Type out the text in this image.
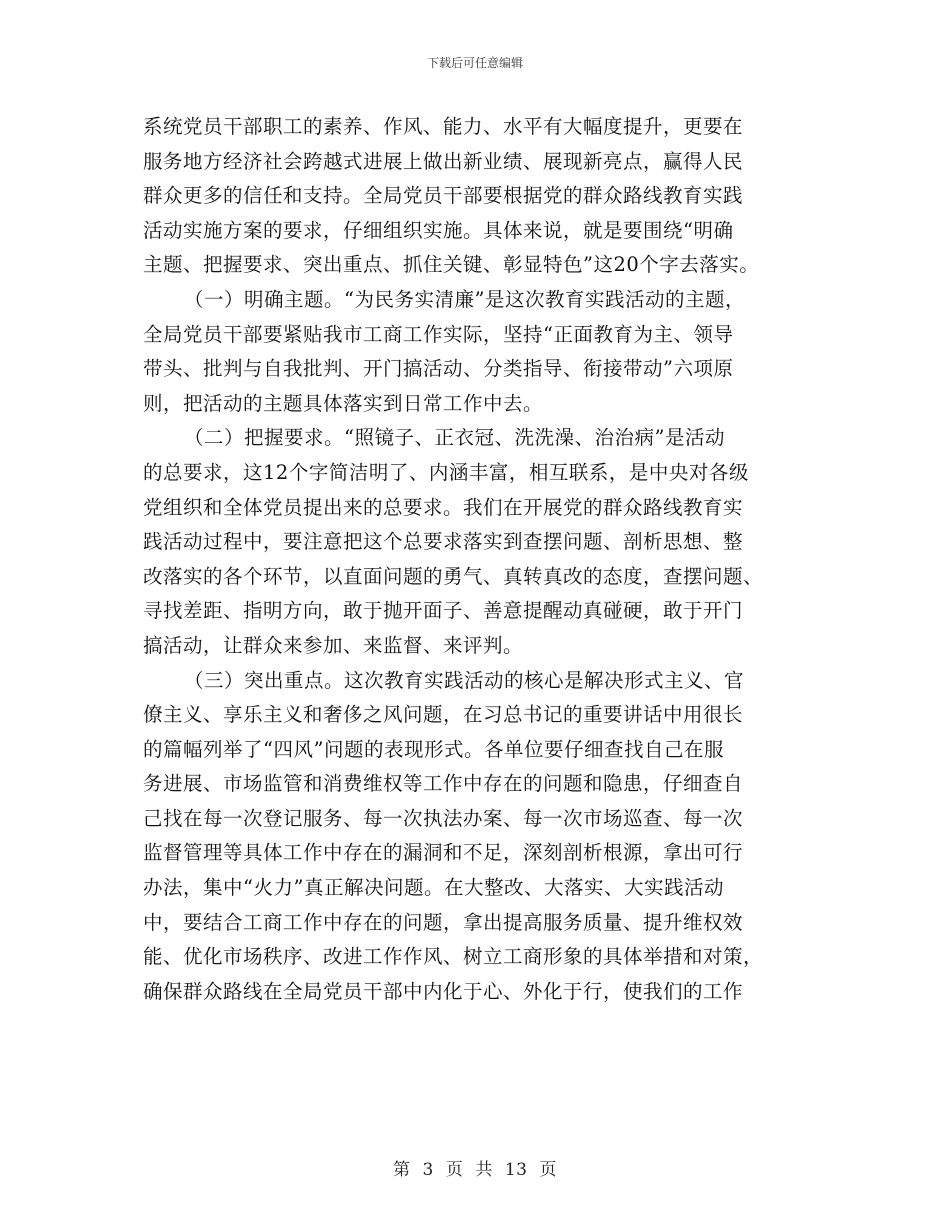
下载后可任意编辑
系统党员干部职工的素养、作风、能力、水平有大幅度提升，更要在
服务地方经济社会跨越式进展上做出新业绩、展现新亮点，赢得人民
群众更多的信任和支持。全局党员干部要根据党的群众路线教育实践
活动实施方案的要求，仔细组织实施。具体来说，就是要围绕“明确
主题、把握要求、突出重点、抓住关键、彰显特色”这20个字去落实。
（一）明确主题。“为民务实清廉”是这次教育实践活动的主题，
全局党员干部要紧贴我市工商工作实际，坚持“正面教育为主、领导
带头、批判与自我批判、开门搞活动、分类指导、衔接带动”六项原
则，把活动的主题具体落实到日常工作中去。
（二）把握要求。“照镜子、正衣冠、洗洗澡、治治病”是活动
的总要求，这12个字简洁明了、内涵丰富，相互联系，是中央对各级
党组织和全体党员提出来的总要求。我们在开展党的群众路线教育实
践活动过程中，要注意把这个总要求落实到查摆问题、剖析思想、整
改落实的各个环节，以直面问题的勇气、真转真改的态度，查摆问题、
寻找差距、指明方向，敢于抛开面子、善意提醒动真碰硬，敢于开门
搞活动，让群众来参加、来监督、来评判。
（三）突出重点。这次教育实践活动的核心是解决形式主义、官
僚主义、享乐主义和奢侈之风问题，在习总书记的重要讲话中用很长
的篇幅列举了“四风”问题的表现形式。各单位要仔细查找自己在服
务进展、市场监管和消费维权等工作中存在的问题和隐患，仔细查自
己找在每一次登记服务、每一次执法办案、每一次市场巡查、每一次
监督管理等具体工作中存在的漏洞和不足，深刻剖析根源，拿出可行
办法，集中“火力”真正解决问题。在大整改、大落实、大实践活动
中，要结合工商工作中存在的问题，拿出提高服务质量、提升维权效
能、优化市场秩序、改进工作作风、树立工商形象的具体举措和对策，
确保群众路线在全局党员干部中内化于心、外化于行，使我们的工作
第 3 页 共 13 页
